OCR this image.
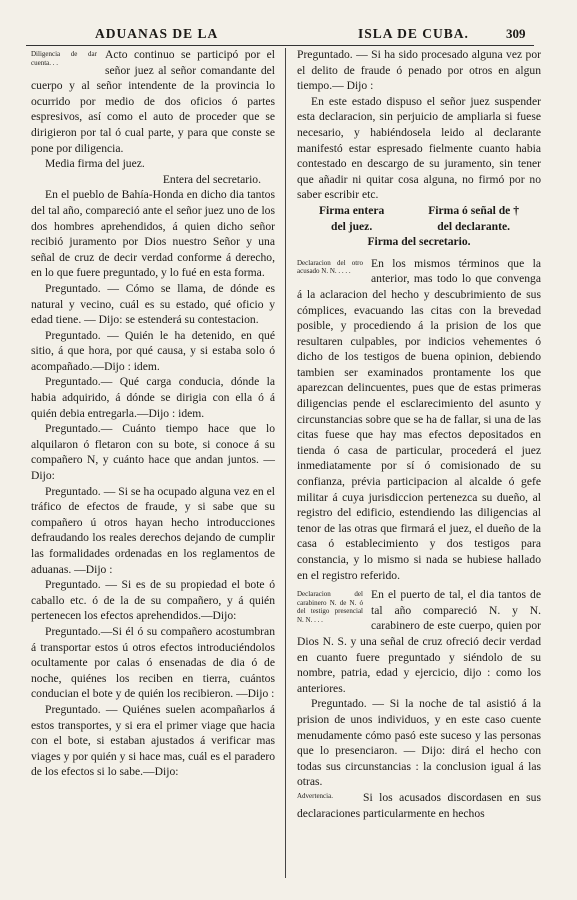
ADUANAS DE LA	ISLA DE CUBA.	309

Diligencia de dar cuenta. . .
Acto continuo se participó por el señor juez al señor comandante del cuerpo y al señor intendente de la provincia lo ocurrido por medio de dos oficios ó partes espresivos, así como el auto de proceder que se dirigieron por tal ó cual parte, y para que conste se pone por diligencia.

Media firma del juez.

Entera del secretario.

En el pueblo de Bahía-Honda en dicho dia tantos del tal año, compareció ante el señor juez uno de los dos hombres aprehendidos, á quien dicho señor recibió juramento por Dios nuestro Señor y una señal de cruz de decir verdad conforme á derecho, en lo que fuere preguntado, y lo fué en esta forma.

Preguntado. — Cómo se llama, de dónde es natural y vecino, cuál es su estado, qué oficio y edad tiene. — Dijo: se estenderá su contestacion.

Preguntado. — Quién le ha detenido, en qué sitio, á que hora, por qué causa, y si estaba solo ó acompañado.—Dijo : idem.

Preguntado.— Qué carga conducia, dónde la habia adquirido, á dónde se dirigia con ella ó á quién debia entregarla.—Dijo : idem.

Preguntado.— Cuánto tiempo hace que lo alquilaron ó fletaron con su bote, si conoce á su compañero N, y cuánto hace que andan juntos. —Dijo:

Preguntado. — Si se ha ocupado alguna vez en el tráfico de efectos de fraude, y si sabe que su compañero ú otros hayan hecho introducciones defraudando los reales derechos dejando de cumplir las formalidades ordenadas en los reglamentos de aduanas. —Dijo :

Preguntado. — Si es de su propiedad el bote ó caballo etc. ó de la de su compañero, y á quién pertenecen los efectos aprehendidos.—Dijo:

Preguntado.—Si él ó su compañero acostumbran á transportar estos ú otros efectos introduciéndolos ocultamente por calas ó ensenadas de dia ó de noche, quiénes los reciben en tierra, cuántos conducian el bote y de quién los recibieron. —Dijo :

Preguntado. — Quiénes suelen acompañarlos á estos transportes, y si era el primer viage que hacia con el bote, si estaban ajustados á verificar mas viages y por quién y si hace mas, cuál es el paradero de los efectos si lo sabe.—Dijo:

Preguntado. — Si ha sido procesado alguna vez por el delito de fraude ó penado por otros en algun tiempo.— Dijo :

En este estado dispuso el señor juez suspender esta declaracion, sin perjuicio de ampliarla si fuese necesario, y habiéndosela leido al declarante manifestó estar espresado fielmente cuanto habia contestado en descargo de su juramento, sin tener que añadir ni quitar cosa alguna, no firmó por no saber escribir etc.

Firma entera
del juez.
Firma ó señal de †
del declarante.

Firma del secretario.

Declaracion del otro acusado N. N. . . . .
En los mismos términos que la anterior, mas todo lo que convenga á la aclaracion del hecho y descubrimiento de sus cómplices, evacuando las citas con la brevedad posible, y procediendo á la prision de los que resultaren culpables, por indicios vehementes ó dicho de los testigos de buena opinion, debiendo tambien ser examinados prontamente los que aparezcan delincuentes, pues que de estas primeras diligencias pende el esclarecimiento del asunto y circunstancias sobre que se ha de fallar, si una de las citas fuese que hay mas efectos depositados en tienda ó casa de particular, procederá el juez inmediatamente por sí ó comisionado de su confianza, prévia participacion al alcalde ó gefe militar á cuya jurisdiccion pertenezca su dueño, al registro del edificio, estendiendo las diligencias al tenor de las otras que firmará el juez, el dueño de la casa ó establecimiento y dos testigos para constancia, y lo mismo si nada se hubiese hallado en el registro referido.

Declaracion del carabinero N. de N. ó del testigo presencial N. N. . . .
En el puerto de tal, el dia tantos de tal año compareció N. y N. carabinero de este cuerpo, quien por Dios N. S. y una señal de cruz ofreció decir verdad en cuanto fuere preguntado y siéndolo de su nombre, patria, edad y ejercicio, dijo : como los anteriores.

Preguntado. — Si la noche de tal asistió á la prision de unos individuos, y en este caso cuente menudamente cómo pasó este suceso y las personas que lo presenciaron. — Dijo: dirá el hecho con todas sus circunstancias : la conclusion igual á las otras.

Advertencia.	Si los acusados discordasen en sus declaraciones particularmente en hechos
